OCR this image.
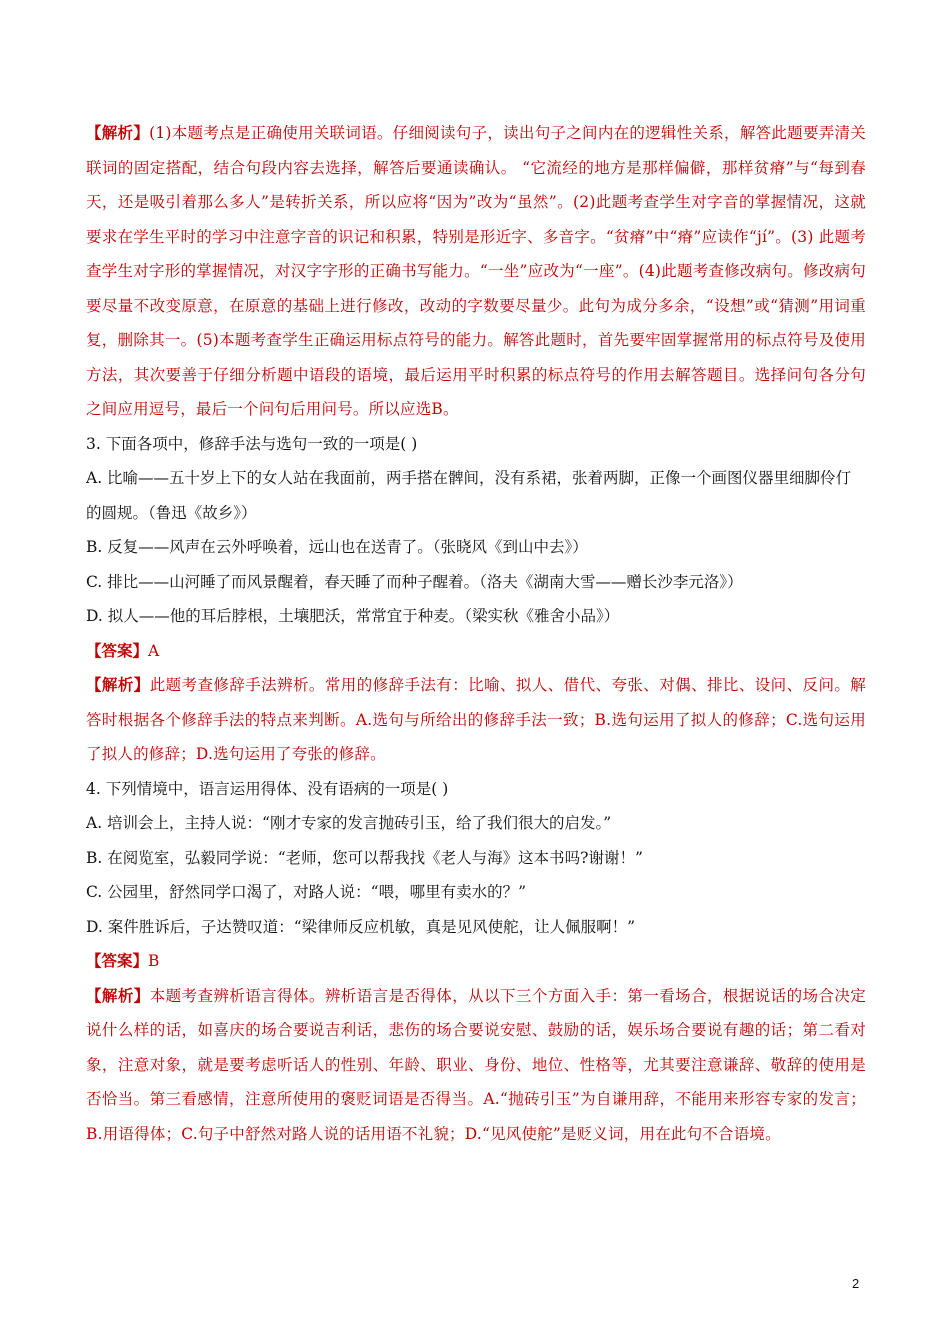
【解析】(1)本题考点是正确使用关联词语。仔细阅读句子，读出句子之间内在的逻辑性关系，解答此题要弄清关联词的固定搭配，结合句段内容去选择，解答后要通读确认。 “它流经的地方是那样偏僻，那样贫瘠”与“每到春天，还是吸引着那么多人”是转折关系，所以应将“因为”改为“虽然”。(2)此题考查学生对字音的掌握情况，这就要求在学生平时的学习中注意字音的识记和积累，特别是形近字、多音字。“贫瘠”中“瘠”应读作“jí”。(3) 此题考查学生对字形的掌握情况，对汉字字形的正确书写能力。“一坐”应改为“一座”。(4)此题考查修改病句。修改病句要尽量不改变原意，在原意的基础上进行修改，改动的字数要尽量少。此句为成分多余，“设想”或“猜测”用词重复，删除其一。(5)本题考查学生正确运用标点符号的能力。解答此题时，首先要牢固掌握常用的标点符号及使用方法，其次要善于仔细分析题中语段的语境，最后运用平时积累的标点符号的作用去解答题目。选择问句各分句之间应用逗号，最后一个问句后用问号。所以应选B。

3. 下面各项中，修辞手法与选句一致的一项是( )

A. 比喻——五十岁上下的女人站在我面前，两手搭在髀间，没有系裙，张着两脚，正像一个画图仪器里细脚伶仃的圆规。（鲁迅《故乡》）

B. 反复——风声在云外呼唤着，远山也在送青了。（张晓风《到山中去》）

C. 排比——山河睡了而风景醒着，春天睡了而种子醒着。（洛夫《湖南大雪——赠长沙李元洛》）

D. 拟人——他的耳后脖根，土壤肥沃，常常宜于种麦。（梁实秋《雅舍小品》）

【答案】A

【解析】此题考查修辞手法辨析。常用的修辞手法有：比喻、拟人、借代、夸张、对偶、排比、设问、反问。解答时根据各个修辞手法的特点来判断。A.选句与所给出的修辞手法一致；B.选句运用了拟人的修辞；C.选句运用了拟人的修辞；D.选句运用了夸张的修辞。

4. 下列情境中，语言运用得体、没有语病的一项是( )

A. 培训会上，主持人说：“刚才专家的发言抛砖引玉，给了我们很大的启发。”

B. 在阅览室，弘毅同学说：“老师，您可以帮我找《老人与海》这本书吗?谢谢！”

C. 公园里，舒然同学口渴了，对路人说：“喂，哪里有卖水的？”

D. 案件胜诉后，子达赞叹道：“梁律师反应机敏，真是见风使舵，让人佩服啊！”

【答案】B

【解析】本题考查辨析语言得体。辨析语言是否得体，从以下三个方面入手：第一看场合，根据说话的场合决定说什么样的话，如喜庆的场合要说吉利话，悲伤的场合要说安慰、鼓励的话，娱乐场合要说有趣的话；第二看对象，注意对象，就是要考虑听话人的性别、年龄、职业、身份、地位、性格等，尤其要注意谦辞、敬辞的使用是否恰当。第三看感情，注意所使用的褒贬词语是否得当。A.“抛砖引玉”为自谦用辞，不能用来形容专家的发言；B.用语得体；C.句子中舒然对路人说的话用语不礼貌；D.“见风使舵”是贬义词，用在此句不合语境。

2
